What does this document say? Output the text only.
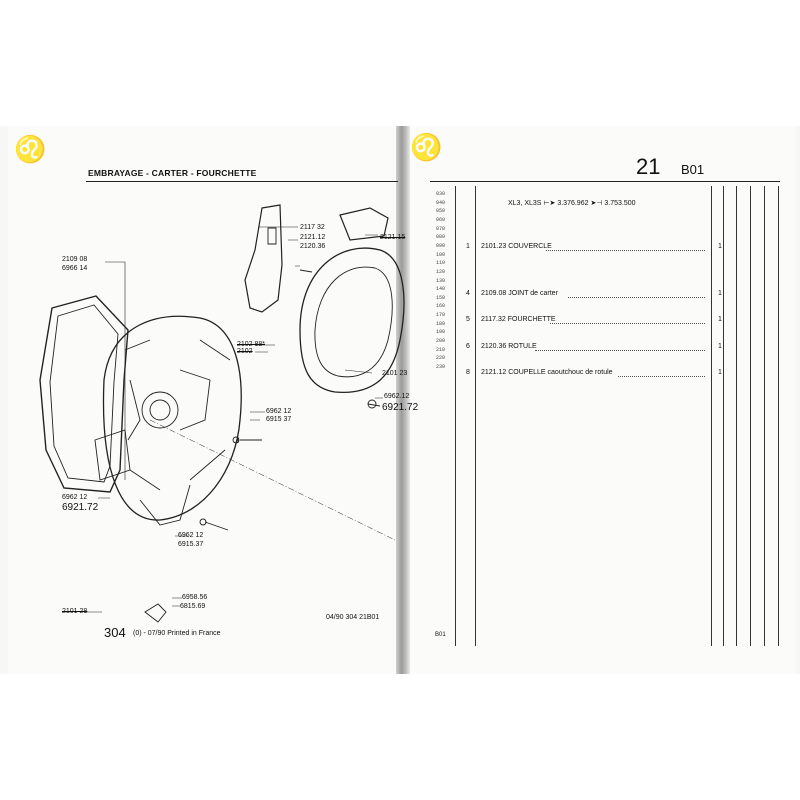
♌
EMBRAYAGE - CARTER - FOURCHETTE
2109 08
6966 14
2117 32
2121.12
2120.36
2121.15
2102 88*
2102
2101 23
6962.12
6921.72
6962 12
6915 37
6962 12
6921.72
6962 12
6915.37
6958.56
6815.69
2101 28
04/90 304 21B01
304 (0) - 07/90 Printed in France
♌
21 B01
030
040
050
060
070
080
090
100
110
120
130
140
150
160
170
180
190
200
210
220
230
XL3, XL3S ⊢➤ 3.376.962 ➤⊣ 3.753.500
1 2101.23 COUVERCLE	1
4 2109.08 JOINT de carter	1
5 2117.32 FOURCHETTE	1
6 2120.36 ROTULE	1
8 2121.12 COUPELLE caoutchouc de rotule	1
B01
